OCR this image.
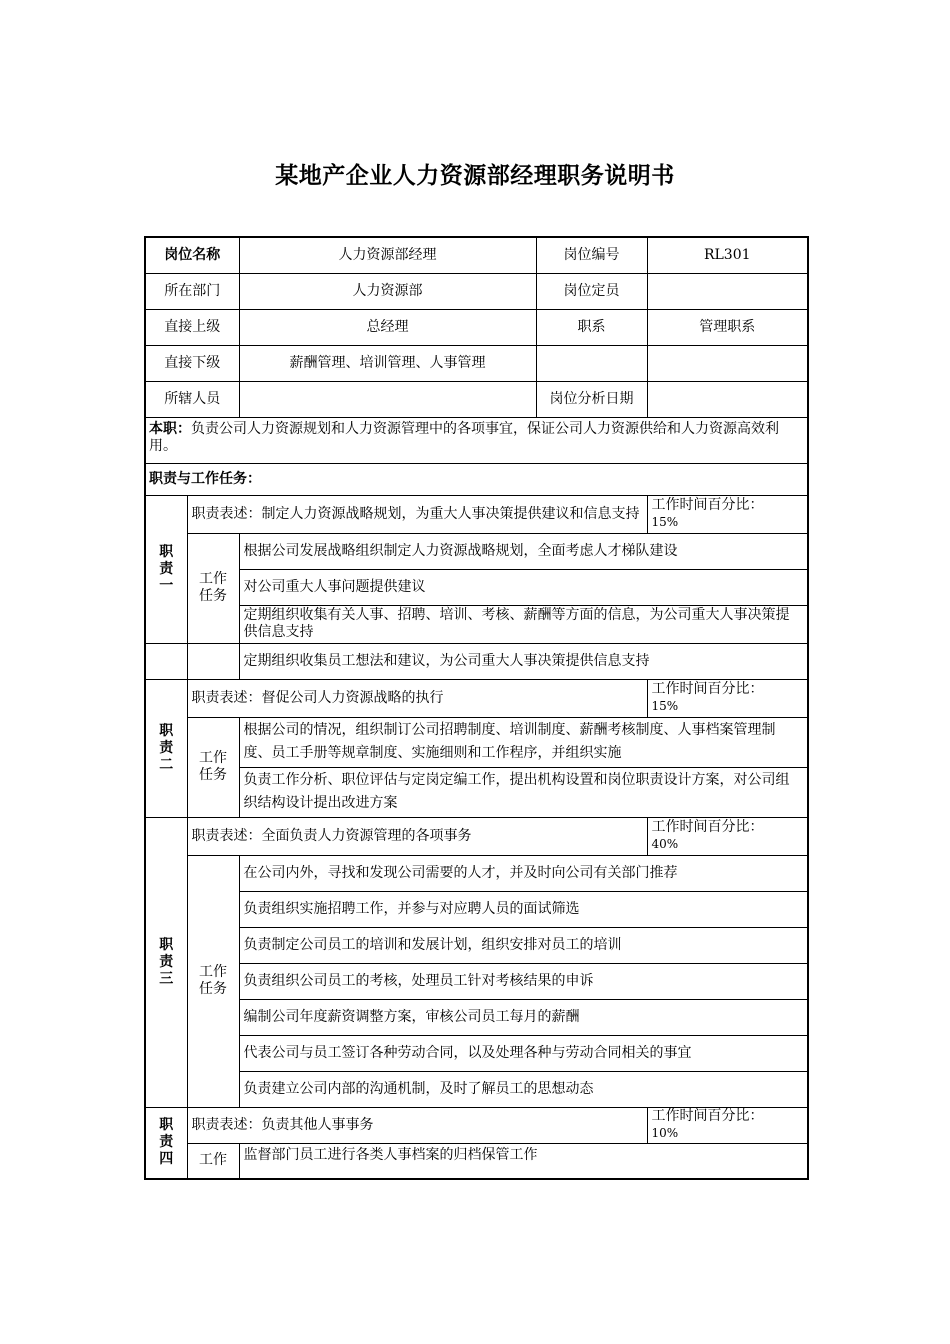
某地产企业人力资源部经理职务说明书
岗位名称		人力资源部经理	岗位编号	RL301
所在部门		人力资源部	岗位定员	
直接上级		总经理	职系	管理职系
直接下级		薪酬管理、培训管理、人事管理		
所辖人员			岗位分析日期	
本职：负责公司人力资源规划和人力资源管理中的各项事宜，保证公司人力资源供给和人力资源高效利用。				
职责与工作任务：				

职
责
一	职责表述：制定人力资源战略规划，为重大人事决策提供建议和信息支持			工作时间百分比：
15%
	工作
任务	根据公司发展战略组织制定人力资源战略规划，全面考虑人才梯队建设		
		对公司重大人事问题提供建议		
		定期组织收集有关人事、招聘、培训、考核、薪酬等方面的信息，为公司重大人事决策提供信息支持		
		定期组织收集员工想法和建议，为公司重大人事决策提供信息支持		

职
责
二	职责表述：督促公司人力资源战略的执行			工作时间百分比：
15%
	工作
任务	根据公司的情况，组织制订公司招聘制度、培训制度、薪酬考核制度、人事档案管理制度、员工手册等规章制度、实施细则和工作程序，并组织实施		
		负责工作分析、职位评估与定岗定编工作，提出机构设置和岗位职责设计方案，对公司组织结构设计提出改进方案		

职
责
三	职责表述：全面负责人力资源管理的各项事务			工作时间百分比：
40%
	工作
任务	在公司内外，寻找和发现公司需要的人才，并及时向公司有关部门推荐		
		负责组织实施招聘工作，并参与对应聘人员的面试筛选		
		负责制定公司员工的培训和发展计划，组织安排对员工的培训		
		负责组织公司员工的考核，处理员工针对考核结果的申诉		
		编制公司年度薪资调整方案，审核公司员工每月的薪酬		
		代表公司与员工签订各种劳动合同，以及处理各种与劳动合同相关的事宜		
		负责建立公司内部的沟通机制，及时了解员工的思想动态		

职
责
四	职责表述：负责其他人事事务			工作时间百分比：
10%
	工作	监督部门员工进行各类人事档案的归档保管工作		
